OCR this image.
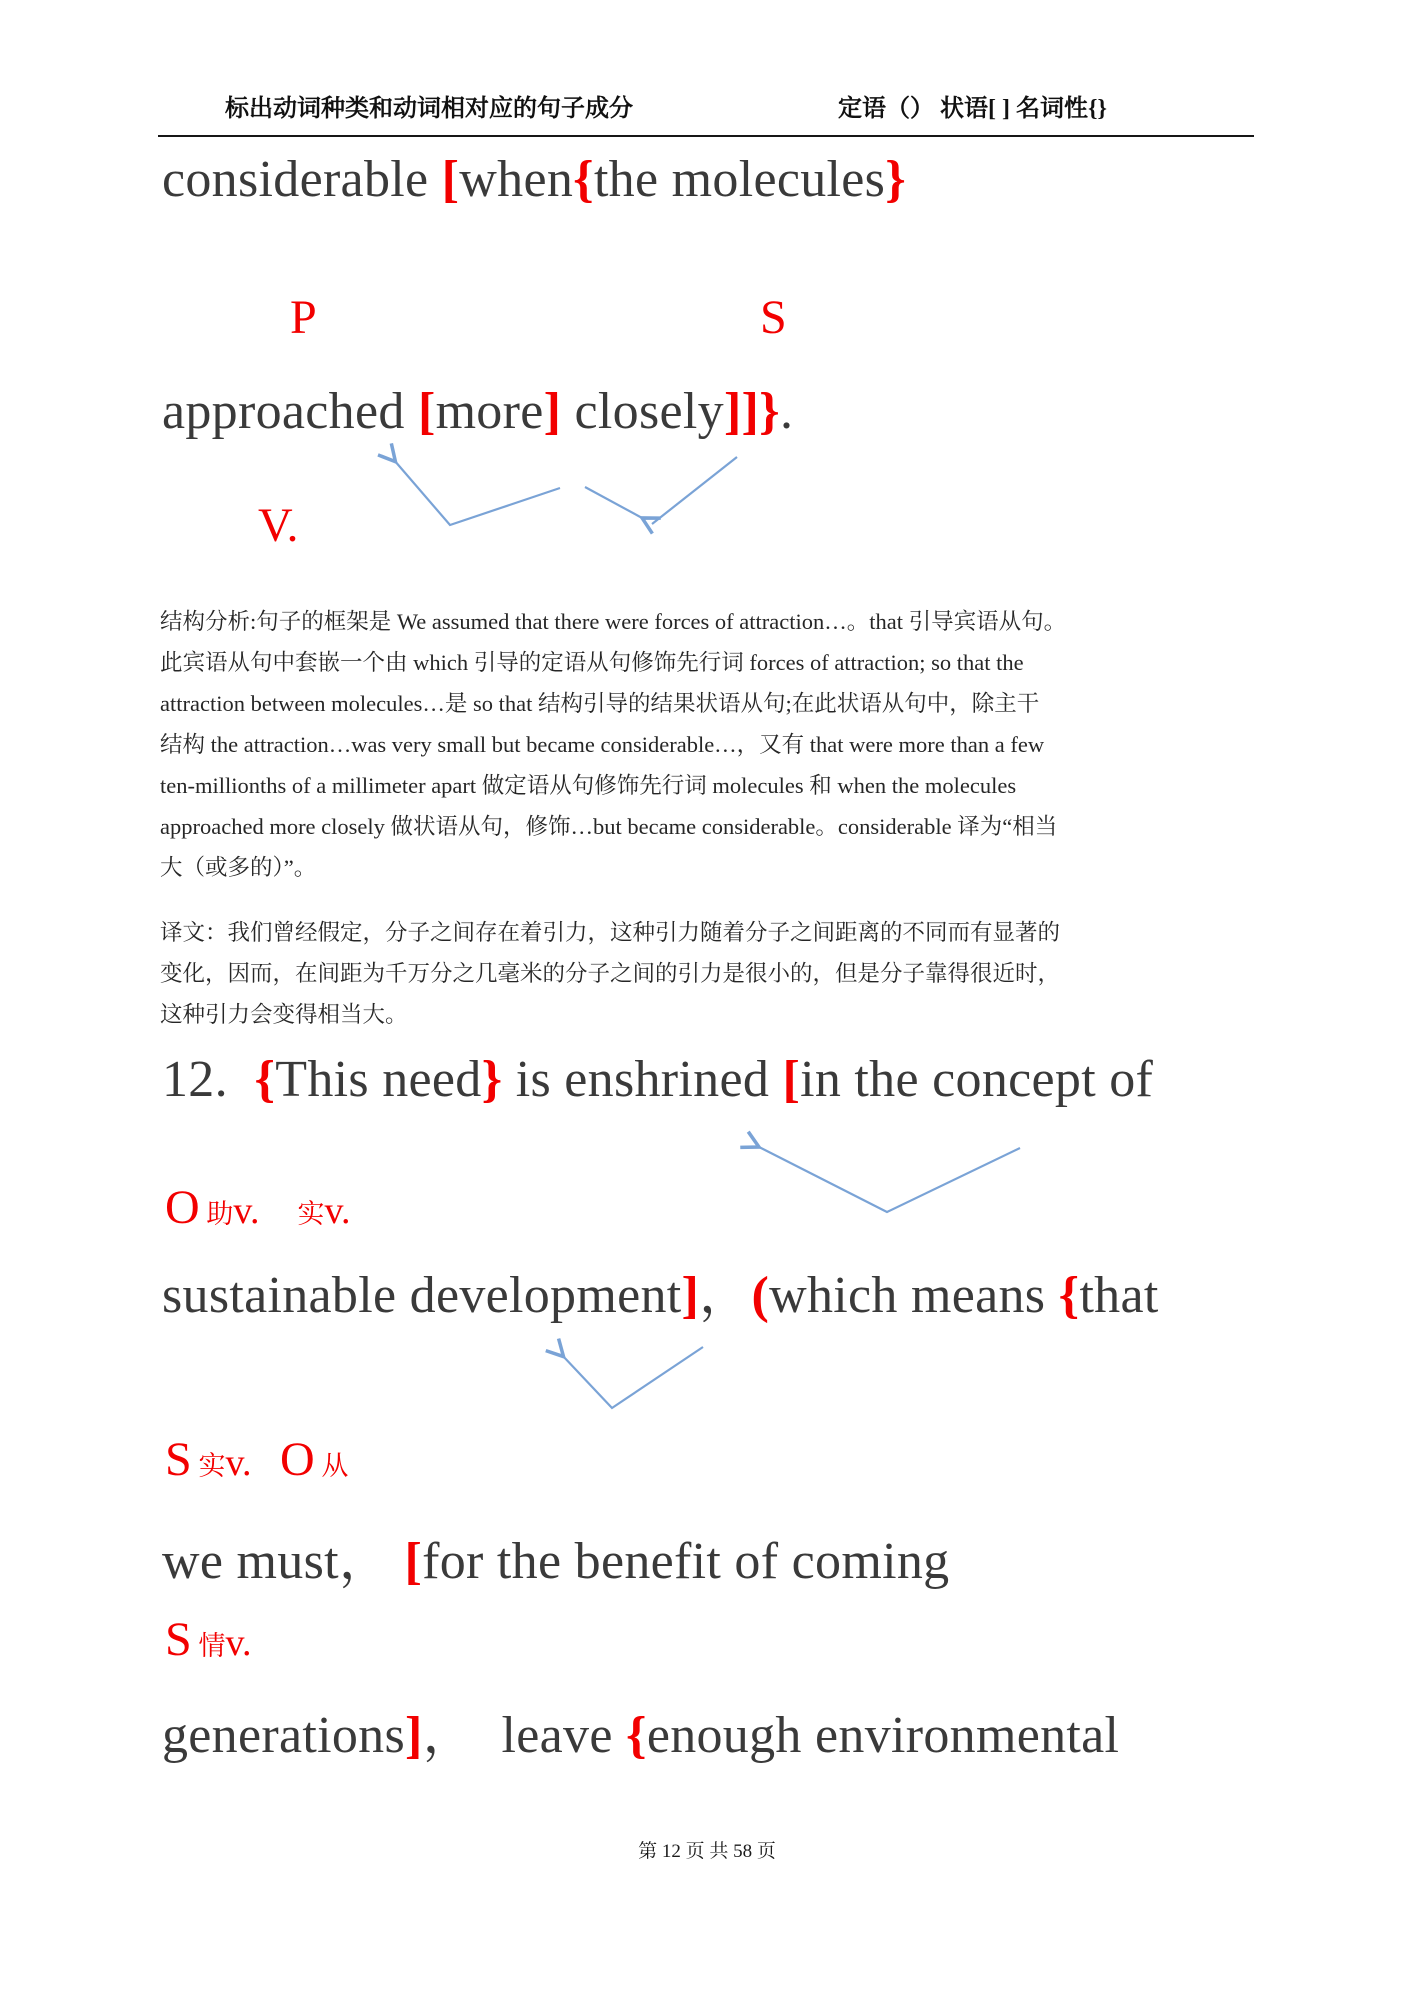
标出动词种类和动词相对应的句子成分	定语（） 状语[ ] 名词性{}
considerable [when{the molecules}
P	S
approached [more] closely]]}.
V.
结构分析:句子的框架是 We assumed that there were forces of attraction…。that 引导宾语从句。
此宾语从句中套嵌一个由 which 引导的定语从句修饰先行词 forces of attraction; so that the
attraction between molecules…是 so that 结构引导的结果状语从句;在此状语从句中，除主干
结构 the attraction…was very small but became considerable…，又有 that were more than a few
ten-millionths of a millimeter apart 做定语从句修饰先行词 molecules 和 when the molecules
approached more closely 做状语从句，修饰…but became considerable。considerable 译为“相当
大（或多的）”。
译文：我们曾经假定，分子之间存在着引力，这种引力随着分子之间距离的不同而有显著的
变化，因而，在间距为千万分之几毫米的分子之间的引力是很小的，但是分子靠得很近时，
这种引力会变得相当大。
12.  {This need} is enshrined [in the concept of
O 助v. 实v.
sustainable development]，(which means {that
S 实v. O 从
we must， [for the benefit of coming
S 情v.
generations]，  leave {enough environmental
第 12 页 共 58 页
